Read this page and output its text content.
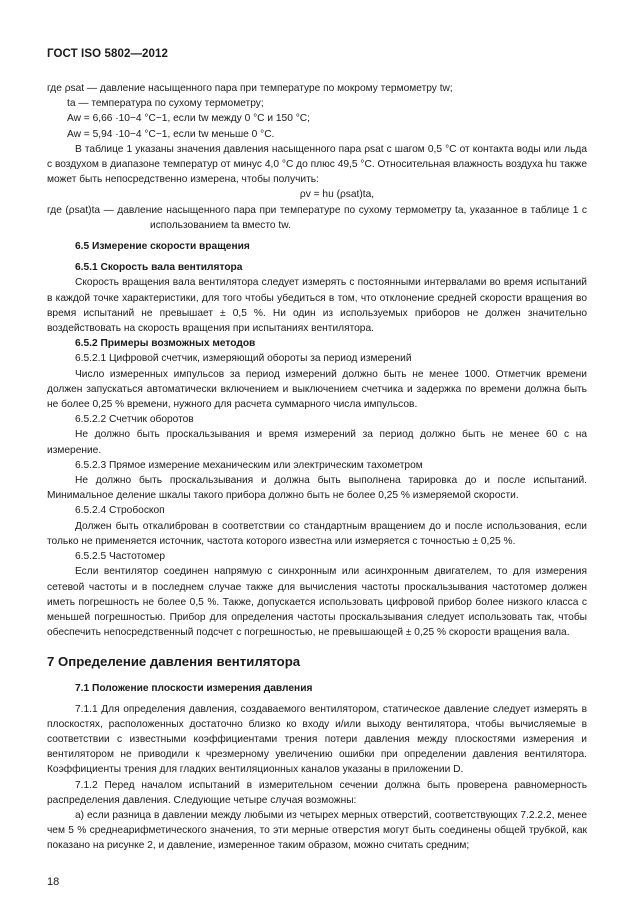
ГОСТ ISO 5802—2012

где ρsat — давление насыщенного пара при температуре по мокрому термометру tw;

ta — температура по сухому термометру;

Aw = 6,66 ·10−4 °C−1, если tw между 0 °C и 150 °C;

Aw = 5,94 ·10−4 °C−1, если tw меньше 0 °C.

В таблице 1 указаны значения давления насыщенного пара ρsat с шагом 0,5 °С от контакта воды или льда с воздухом в диапазоне температур от минус 4,0 °С до плюс 49,5 °С. Относительная влажность воздуха hu также может быть непосредственно измерена, чтобы получить:

ρv = hu (ρsat)ta,

где (ρsat)ta — давление насыщенного пара при температуре по сухому термометру ta, указанное в таблице 1 с использованием ta вместо tw.

6.5 Измерение скорости вращения

6.5.1 Скорость вала вентилятора

Скорость вращения вала вентилятора следует измерять с постоянными интервалами во время испытаний в каждой точке характеристики, для того чтобы убедиться в том, что отклонение средней скорости вращения во время испытаний не превышает ± 0,5 %. Ни один из используемых приборов не должен значительно воздействовать на скорость вращения при испытаниях вентилятора.

6.5.2 Примеры возможных методов

6.5.2.1 Цифровой счетчик, измеряющий обороты за период измерений

Число измеренных импульсов за период измерений должно быть не менее 1000. Отметчик времени должен запускаться автоматически включением и выключением счетчика и задержка по времени должна быть не более 0,25 % времени, нужного для расчета суммарного числа импульсов.

6.5.2.2 Счетчик оборотов

Не должно быть проскальзывания и время измерений за период должно быть не менее 60 с на измерение.

6.5.2.3 Прямое измерение механическим или электрическим тахометром

Не должно быть проскальзывания и должна быть выполнена тарировка до и после испытаний. Минимальное деление шкалы такого прибора должно быть не более 0,25 % измеряемой скорости.

6.5.2.4 Стробоскоп

Должен быть откалиброван в соответствии со стандартным вращением до и после использования, если только не применяется источник, частота которого известна или измеряется с точностью ± 0,25 %.

6.5.2.5 Частотомер

Если вентилятор соединен напрямую с синхронным или асинхронным двигателем, то для измерения сетевой частоты и в последнем случае также для вычисления частоты проскальзывания частотомер должен иметь погрешность не более 0,5 %. Также, допускается использовать цифровой прибор более низкого класса с меньшей погрешностью. Прибор для определения частоты проскальзывания следует использовать так, чтобы обеспечить непосредственный подсчет с погрешностью, не превышающей ± 0,25 % скорости вращения вала.

7 Определение давления вентилятора

7.1 Положение плоскости измерения давления

7.1.1 Для определения давления, создаваемого вентилятором, статическое давление следует измерять в плоскостях, расположенных достаточно близко ко входу и/или выходу вентилятора, чтобы вычисляемые в соответствии с известными коэффициентами трения потери давления между плоскостями измерения и вентилятором не приводили к чрезмерному увеличению ошибки при определении давления вентилятора. Коэффициенты трения для гладких вентиляционных каналов указаны в приложении D.

7.1.2 Перед началом испытаний в измерительном сечении должна быть проверена равномерность распределения давления. Следующие четыре случая возможны:

а) если разница в давлении между любыми из четырех мерных отверстий, соответствующих 7.2.2.2, менее чем 5 % среднеарифметического значения, то эти мерные отверстия могут быть соединены общей трубкой, как показано на рисунке 2, и давление, измеренное таким образом, можно считать средним;

18
